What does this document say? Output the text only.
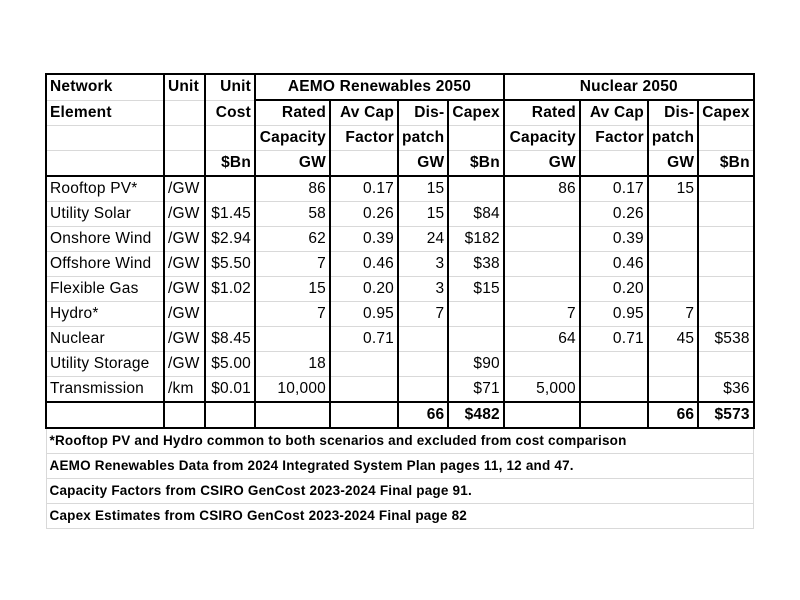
Network	Unit	Unit	AEMO Renewables 2050				Nuclear 2050			
Element		Cost	Rated	Av Cap	Dis-	Capex	Rated	Av Cap	Dis-	Capex
			Capacity	Factor	patch		Capacity	Factor	patch	
		$Bn	GW		GW	$Bn	GW		GW	$Bn
Rooftop PV*	/GW		86	0.17	15		86	0.17	15	
Utility Solar	/GW	$1.45	58	0.26	15	$84		0.26		
Onshore Wind	/GW	$2.94	62	0.39	24	$182		0.39		
Offshore Wind	/GW	$5.50	7	0.46	3	$38		0.46		
Flexible Gas	/GW	$1.02	15	0.20	3	$15		0.20		
Hydro*	/GW		7	0.95	7		7	0.95	7	
Nuclear	/GW	$8.45		0.71			64	0.71	45	$538
Utility Storage	/GW	$5.00	18			$90				
Transmission	/km	$0.01	10,000			$71	5,000			$36
					66	$482			66	$573
*Rooftop PV and Hydro common to both scenarios and excluded from cost comparison										
AEMO Renewables Data from 2024 Integrated System Plan pages 11, 12 and 47.										
Capacity Factors from CSIRO GenCost 2023-2024 Final page 91.										
Capex Estimates from CSIRO GenCost 2023-2024 Final page 82										
